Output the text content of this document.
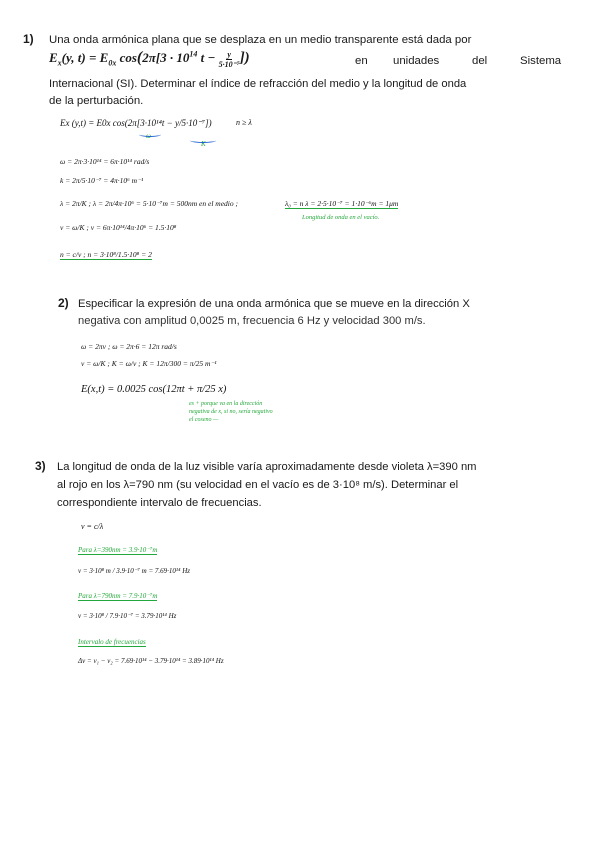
1) Una onda armónica plana que se desplaza en un medio transparente está dada por
$E_x(y$, $t) = E_{0x}$ $\cos(2\pi[3 \cdot 10^{14}$ $t - \frac{y}{\text{5·10⁻⁷}}$ ])	en unidades	del	Sistema
Internacional (SI). Determinar el índice de refracción del medio y la longitud de onda
de la perturbación.
Ex (y,t) = E0x cos(2π[3·10¹⁴t − y/5·10⁻⁷])	n ≥ λ
ω
K
ω = 2π·3·10¹⁴ = 6π·10¹⁴ rad/s
k = 2π/5·10⁻⁷ = 4π·10⁶ m⁻¹
λ = 2π/K ; λ = 2π/4π·10⁶ = 5·10⁻⁷m = 500nm en el medio ;	λ₀ = n λ = 2·5·10⁻⁷ = 1·10⁻⁶m = 1μm
Longitud de onda en el vacío.
v = ω/K ; v = 6π·10¹⁴/4π·10⁶ = 1.5·10⁸
n = c/v ; n = 3·10⁸/1.5·10⁸ = 2
2) Especificar la expresión de una onda armónica que se mueve en la dirección X
negativa con amplitud 0,0025 m, frecuencia 6 Hz y velocidad 300 m/s.
ω = 2πν ; ω = 2π·6 = 12π rad/s
v = ω/K ; K = ω/v ; K = 12π/300 = π/25 m⁻¹
E(x,t) = 0.0025 cos(12πt + π/25 x)
es + porque va en la dirección
negativa de x, si no, sería negativo
el coseno —
3) La longitud de onda de la luz visible varía aproximadamente desde violeta λ=390 nm
al rojo en los λ=790 nm (su velocidad en el vacío es de 3·10⁸ m/s). Determinar el
correspondiente intervalo de frecuencias.
ν = c/λ
Para λ=390nm = 3.9·10⁻⁷m
ν = 3·10⁸ m / 3.9·10⁻⁷ m = 7.69·10¹⁴ Hz
Para λ=790nm = 7.9·10⁻⁷m
ν = 3·10⁸ / 7.9·10⁻⁷ = 3.79·10¹⁴ Hz
Intervalo de frecuencias
Δν = ν₁ − ν₂ = 7.69·10¹⁴ − 3.79·10¹⁴ = 3.89·10¹⁴ Hz
